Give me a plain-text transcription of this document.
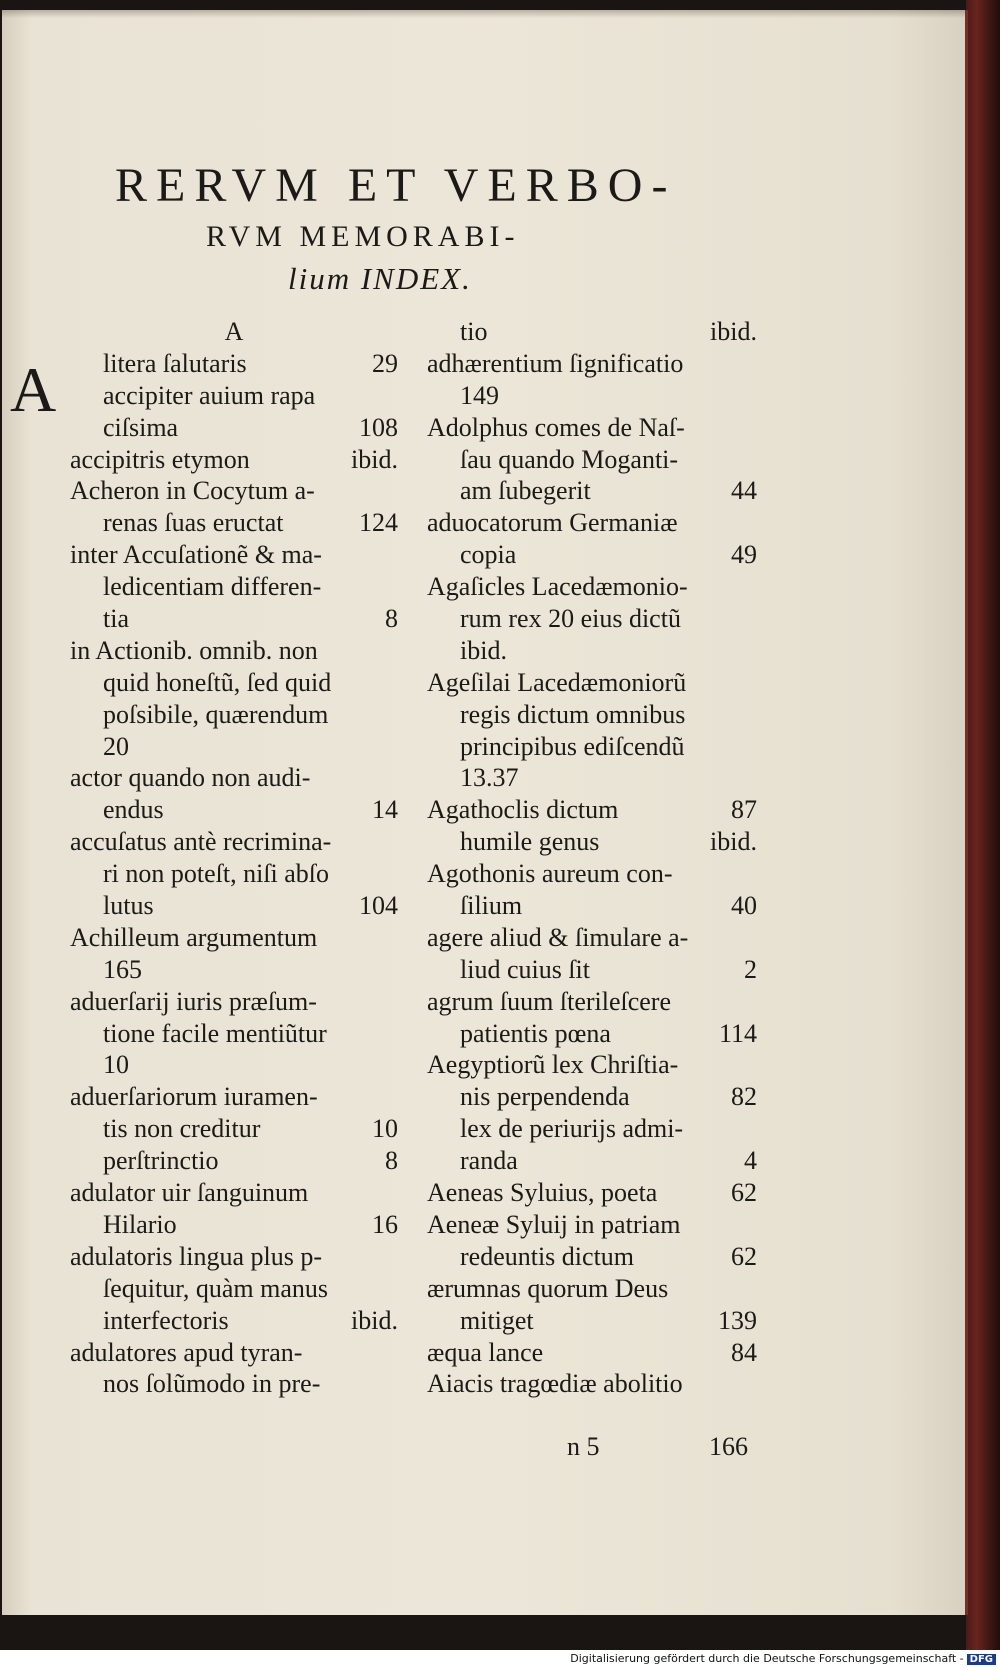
RERVM ET VERBO-
RVM MEMORABI-
lium INDEX.
A
litera ſalutaris	29
accipiter auium rapa
ciſsima	108
accipitris etymon	ibid.
Acheron in Cocytum a-
renas ſuas eructat	124
inter Accuſationẽ & ma-
ledicentiam differen-
tia	8
in Actionib. omnib. non
quid honeſtũ, ſed quid
poſsibile, quærendum
20
actor quando non audi-
endus	14
accuſatus antè recrimina-
ri non poteſt, niſi abſo
lutus	104
Achilleum argumentum
165
aduerſarij iuris præſum-
tione facile mentiũtur
10
aduerſariorum iuramen-
tis non creditur	10
perſtrinctio	8
adulator uir ſanguinum
Hilario	16
adulatoris lingua plus p-
ſequitur, quàm manus
interfectoris	ibid.
adulatores apud tyran-
nos ſolũmodo in pre-
A
tio	ibid.
adhærentium ſignificatio
149
Adolphus comes de Naſ-
ſau quando Moganti-
am ſubegerit	44
aduocatorum Germaniæ
copia	49
Agaſicles Lacedæmonio-
rum rex 20 eius dictũ
ibid.
Ageſilai Lacedæmoniorũ
regis dictum omnibus
principibus ediſcendũ
13.37
Agathoclis dictum	87
humile genus	ibid.
Agothonis aureum con-
ſilium	40
agere aliud & ſimulare a-
liud cuius ſit	2
agrum ſuum ſterileſcere
patientis pœna	114
Aegyptiorũ lex Chriſtia-
nis perpendenda	82
lex de periurijs admi-
randa	4
Aeneas Syluius, poeta	62
Aeneæ Syluij in patriam
redeuntis dictum	62
ærumnas quorum Deus
mitiget	139
æqua lance	84
Aiacis tragœdiæ abolitio
n 5	166
Digitalisierung gefördert durch die Deutsche Forschungsgemeinschaft - DFG
